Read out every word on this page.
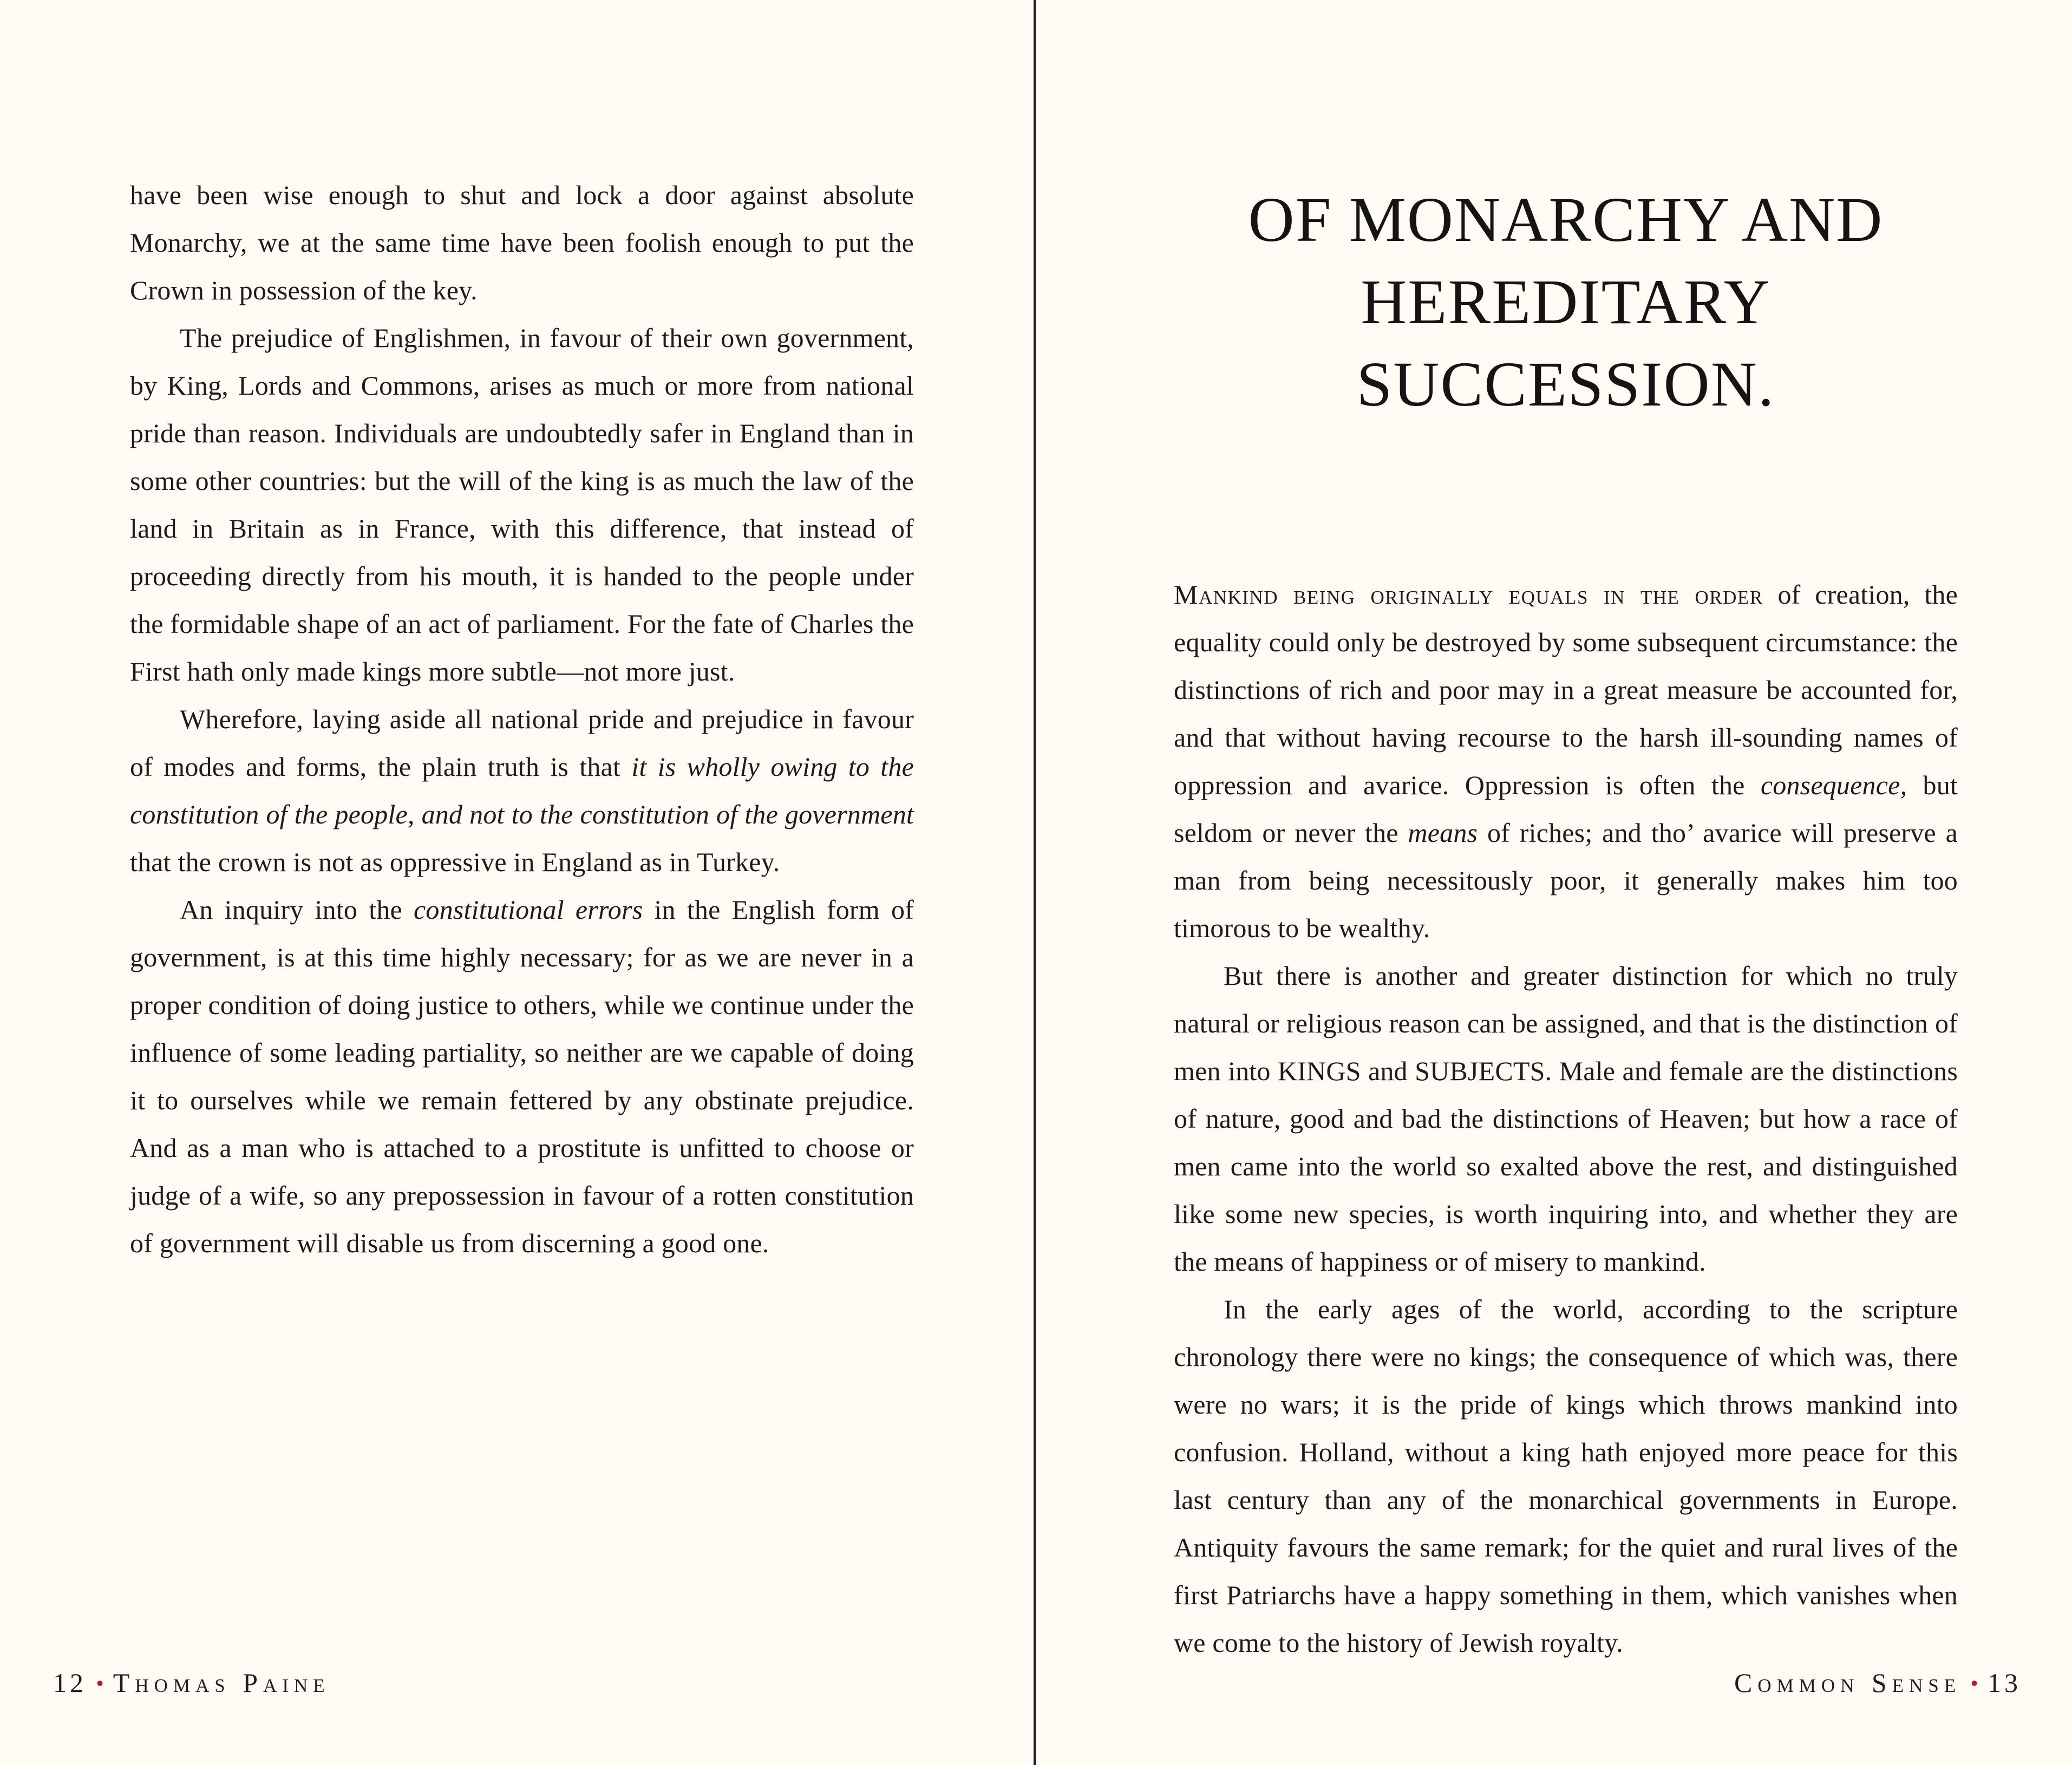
have been wise enough to shut and lock a door against absolute Monarchy, we at the same time have been foolish enough to put the Crown in possession of the key.

The prejudice of Englishmen, in favour of their own government, by King, Lords and Commons, arises as much or more from national pride than reason. Individuals are undoubtedly safer in England than in some other countries: but the will of the king is as much the law of the land in Britain as in France, with this difference, that instead of proceeding directly from his mouth, it is handed to the people under the formidable shape of an act of parliament. For the fate of Charles the First hath only made kings more subtle—not more just.

Wherefore, laying aside all national pride and prejudice in favour of modes and forms, the plain truth is that it is wholly owing to the constitution of the people, and not to the constitution of the government that the crown is not as oppressive in England as in Turkey.

An inquiry into the constitutional errors in the English form of government, is at this time highly necessary; for as we are never in a proper condition of doing justice to others, while we continue under the influence of some leading partiality, so neither are we capable of doing it to ourselves while we remain fettered by any obstinate prejudice. And as a man who is attached to a prostitute is unfitted to choose or judge of a wife, so any prepossession in favour of a rotten constitution of government will disable us from discerning a good one.

12 • Thomas Paine
OF MONARCHY AND
HEREDITARY SUCCESSION.

Mankind being originally equals in the order of creation, the equality could only be destroyed by some subsequent circumstance: the distinctions of rich and poor may in a great measure be accounted for, and that without having recourse to the harsh ill-sounding names of oppression and avarice. Oppression is often the consequence, but seldom or never the means of riches; and tho’ avarice will preserve a man from being necessitously poor, it generally makes him too timorous to be wealthy.

But there is another and greater distinction for which no truly natural or religious reason can be assigned, and that is the distinction of men into KINGS and SUBJECTS. Male and female are the distinctions of nature, good and bad the distinctions of Heaven; but how a race of men came into the world so exalted above the rest, and distinguished like some new species, is worth inquiring into, and whether they are the means of happiness or of misery to mankind.

In the early ages of the world, according to the scripture chronology there were no kings; the consequence of which was, there were no wars; it is the pride of kings which throws mankind into confusion. Holland, without a king hath enjoyed more peace for this last century than any of the monarchical governments in Europe. Antiquity favours the same remark; for the quiet and rural lives of the first Patriarchs have a happy something in them, which vanishes when we come to the history of Jewish royalty.

Common Sense • 13
